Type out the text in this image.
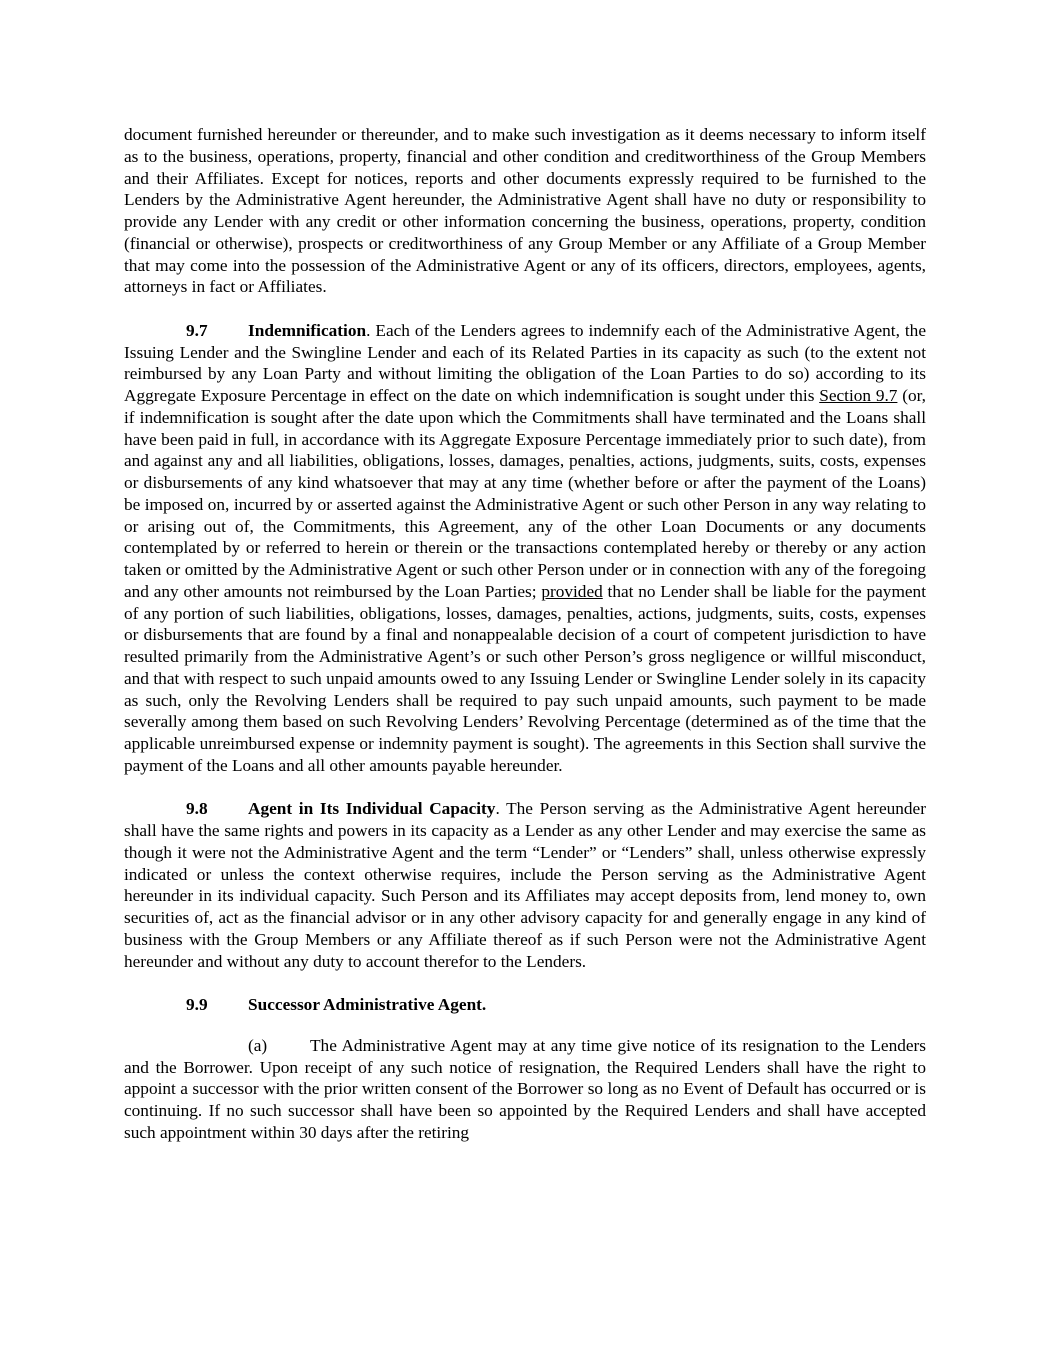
document furnished hereunder or thereunder, and to make such investigation as it deems necessary to inform itself as to the business, operations, property, financial and other condition and creditworthiness of the Group Members and their Affiliates. Except for notices, reports and other documents expressly required to be furnished to the Lenders by the Administrative Agent hereunder, the Administrative Agent shall have no duty or responsibility to provide any Lender with any credit or other information concerning the business, operations, property, condition (financial or otherwise), prospects or creditworthiness of any Group Member or any Affiliate of a Group Member that may come into the possession of the Administrative Agent or any of its officers, directors, employees, agents, attorneys in fact or Affiliates.

9.7 Indemnification. Each of the Lenders agrees to indemnify each of the Administrative Agent, the Issuing Lender and the Swingline Lender and each of its Related Parties in its capacity as such (to the extent not reimbursed by any Loan Party and without limiting the obligation of the Loan Parties to do so) according to its Aggregate Exposure Percentage in effect on the date on which indemnification is sought under this Section 9.7 (or, if indemnification is sought after the date upon which the Commitments shall have terminated and the Loans shall have been paid in full, in accordance with its Aggregate Exposure Percentage immediately prior to such date), from and against any and all liabilities, obligations, losses, damages, penalties, actions, judgments, suits, costs, expenses or disbursements of any kind whatsoever that may at any time (whether before or after the payment of the Loans) be imposed on, incurred by or asserted against the Administrative Agent or such other Person in any way relating to or arising out of, the Commitments, this Agreement, any of the other Loan Documents or any documents contemplated by or referred to herein or therein or the transactions contemplated hereby or thereby or any action taken or omitted by the Administrative Agent or such other Person under or in connection with any of the foregoing and any other amounts not reimbursed by the Loan Parties; provided that no Lender shall be liable for the payment of any portion of such liabilities, obligations, losses, damages, penalties, actions, judgments, suits, costs, expenses or disbursements that are found by a final and nonappealable decision of a court of competent jurisdiction to have resulted primarily from the Administrative Agent’s or such other Person’s gross negligence or willful misconduct, and that with respect to such unpaid amounts owed to any Issuing Lender or Swingline Lender solely in its capacity as such, only the Revolving Lenders shall be required to pay such unpaid amounts, such payment to be made severally among them based on such Revolving Lenders’ Revolving Percentage (determined as of the time that the applicable unreimbursed expense or indemnity payment is sought). The agreements in this Section shall survive the payment of the Loans and all other amounts payable hereunder.

9.8 Agent in Its Individual Capacity. The Person serving as the Administrative Agent hereunder shall have the same rights and powers in its capacity as a Lender as any other Lender and may exercise the same as though it were not the Administrative Agent and the term “Lender” or “Lenders” shall, unless otherwise expressly indicated or unless the context otherwise requires, include the Person serving as the Administrative Agent hereunder in its individual capacity. Such Person and its Affiliates may accept deposits from, lend money to, own securities of, act as the financial advisor or in any other advisory capacity for and generally engage in any kind of business with the Group Members or any Affiliate thereof as if such Person were not the Administrative Agent hereunder and without any duty to account therefor to the Lenders.

9.9 Successor Administrative Agent.

(a) The Administrative Agent may at any time give notice of its resignation to the Lenders and the Borrower. Upon receipt of any such notice of resignation, the Required Lenders shall have the right to appoint a successor with the prior written consent of the Borrower so long as no Event of Default has occurred or is continuing. If no such successor shall have been so appointed by the Required Lenders and shall have accepted such appointment within 30 days after the retiring
